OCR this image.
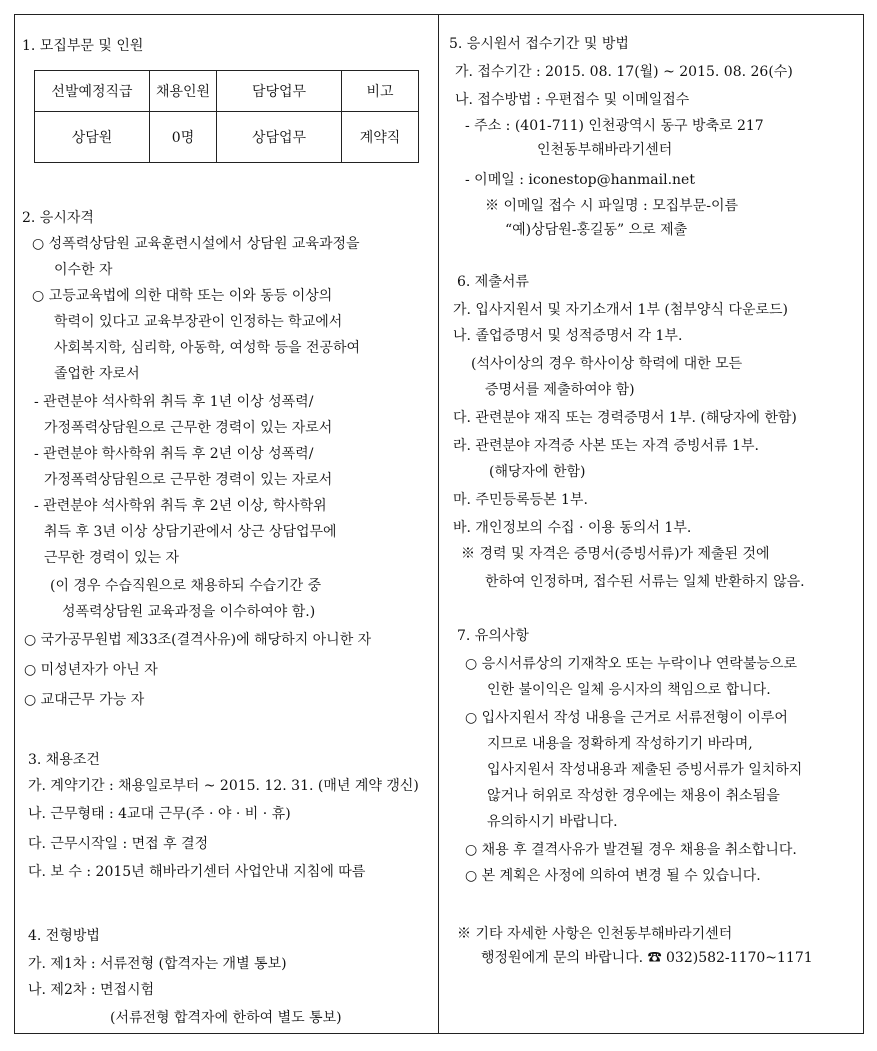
1. 모집부문 및 인원
선발예정직급	채용인원	담당업무	비고
상담원	0명	상담업무	계약직
2. 응시자격
○ 성폭력상담원 교육훈련시설에서 상담원 교육과정을
이수한 자
○ 고등교육법에 의한 대학 또는 이와 동등 이상의
학력이 있다고 교육부장관이 인정하는 학교에서
사회복지학, 심리학, 아동학, 여성학 등을 전공하여
졸업한 자로서
- 관련분야 석사학위 취득 후 1년 이상 성폭력/
가정폭력상담원으로 근무한 경력이 있는 자로서
- 관련분야 학사학위 취득 후 2년 이상 성폭력/
가정폭력상담원으로 근무한 경력이 있는 자로서
- 관련분야 석사학위 취득 후 2년 이상, 학사학위
취득 후 3년 이상 상담기관에서 상근 상담업무에
근무한 경력이 있는 자
(이 경우 수습직원으로 채용하되 수습기간 중
성폭력상담원 교육과정을 이수하여야 함.)
○ 국가공무원법 제33조(결격사유)에 해당하지 아니한 자
○ 미성년자가 아닌 자
○ 교대근무 가능 자
3. 채용조건
가. 계약기간 : 채용일로부터 ~ 2015. 12. 31. (매년 계약 갱신)
나. 근무형태 : 4교대 근무(주 · 야 · 비 · 휴)
다. 근무시작일 : 면접 후 결정
다. 보 수 : 2015년 해바라기센터 사업안내 지침에 따름
4. 전형방법
가. 제1차 : 서류전형 (합격자는 개별 통보)
나. 제2차 : 면접시험
(서류전형 합격자에 한하여 별도 통보)
5. 응시원서 접수기간 및 방법
가. 접수기간 : 2015. 08. 17(월) ~ 2015. 08. 26(수)
나. 접수방법 : 우편접수 및 이메일접수
- 주소 : (401-711) 인천광역시 동구 방축로 217
인천동부해바라기센터
- 이메일 : iconestop@hanmail.net
※ 이메일 접수 시 파일명 : 모집부문-이름
“예)상담원-홍길동” 으로 제출
6. 제출서류
가. 입사지원서 및 자기소개서 1부 (첨부양식 다운로드)
나. 졸업증명서 및 성적증명서 각 1부.
(석사이상의 경우 학사이상 학력에 대한 모든
증명서를 제출하여야 함)
다. 관련분야 재직 또는 경력증명서 1부. (해당자에 한함)
라. 관련분야 자격증 사본 또는 자격 증빙서류 1부.
(해당자에 한함)
마. 주민등록등본 1부.
바. 개인정보의 수집 · 이용 동의서 1부.
※ 경력 및 자격은 증명서(증빙서류)가 제출된 것에
한하여 인정하며, 접수된 서류는 일체 반환하지 않음.
7. 유의사항
○ 응시서류상의 기재착오 또는 누락이나 연락불능으로
인한 불이익은 일체 응시자의 책임으로 합니다.
○ 입사지원서 작성 내용을 근거로 서류전형이 이루어
지므로 내용을 정확하게 작성하기기 바라며,
입사지원서 작성내용과 제출된 증빙서류가 일치하지
않거나 허위로 작성한 경우에는 채용이 취소됨을
유의하시기 바랍니다.
○ 채용 후 결격사유가 발견될 경우 채용을 취소합니다.
○ 본 계획은 사정에 의하여 변경 될 수 있습니다.
※ 기타 자세한 사항은 인천동부해바라기센터
행정원에게 문의 바랍니다. ☎ 032)582-1170~1171
